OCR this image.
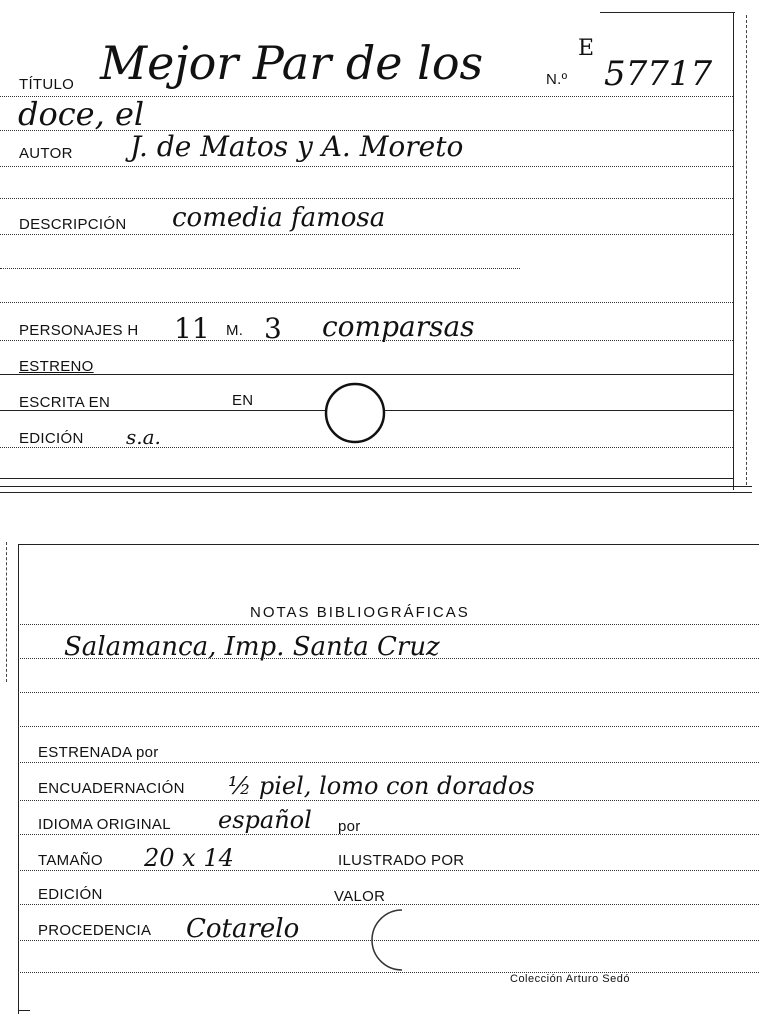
TÍTULO Mejor Par de los	N.º
E
57717
doce, el
AUTOR J. de Matos y A. Moreto
DESCRIPCIÓN comedia famosa
PERSONAJES H 11 M. 3 comparsas
ESTRENO
ESCRITA EN	EN
EDICIÓN s.a.
NOTAS BIBLIOGRÁFICAS
Salamanca, Imp. Santa Cruz
ESTRENADA por
ENCUADERNACIÓN ½ piel, lomo con dorados
IDIOMA ORIGINAL español por
TAMAÑO 20 x 14	ILUSTRADO POR
EDICIÓN	VALOR
PROCEDENCIA Cotarelo
Colección Arturo Sedó
